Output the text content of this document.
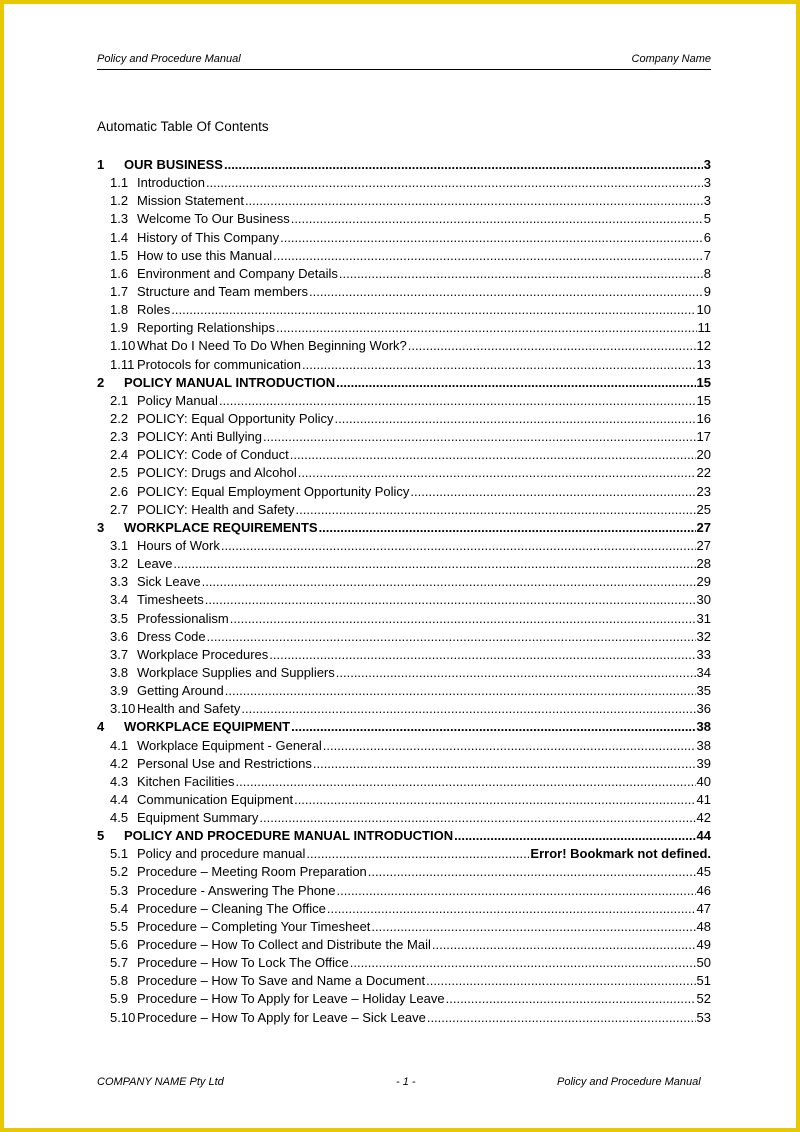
Policy and Procedure Manual	Company Name
Automatic Table Of Contents
1	OUR BUSINESS .....	3
1.1 Introduction .....	3
1.2 Mission Statement .....	3
1.3 Welcome To Our Business .....	5
1.4 History of This Company .....	6
1.5 How to use this Manual .....	7
1.6 Environment and Company Details .....	8
1.7 Structure and Team members .....	9
1.8 Roles .....	10
1.9 Reporting Relationships .....	11
1.10 What Do I Need To Do When Beginning Work? .....	12
1.11 Protocols for communication .....	13
2	POLICY MANUAL INTRODUCTION .....	15
2.1 Policy Manual .....	15
2.2 POLICY: Equal Opportunity Policy .....	16
2.3 POLICY: Anti Bullying .....	17
2.4 POLICY: Code of Conduct .....	20
2.5 POLICY: Drugs and Alcohol .....	22
2.6 POLICY: Equal Employment Opportunity Policy .....	23
2.7 POLICY: Health and Safety .....	25
3	WORKPLACE REQUIREMENTS .....	27
3.1 Hours of Work .....	27
3.2 Leave .....	28
3.3 Sick Leave .....	29
3.4 Timesheets .....	30
3.5 Professionalism .....	31
3.6 Dress Code .....	32
3.7 Workplace Procedures .....	33
3.8 Workplace Supplies and Suppliers .....	34
3.9 Getting Around .....	35
3.10 Health and Safety .....	36
4	WORKPLACE EQUIPMENT .....	38
4.1 Workplace Equipment - General .....	38
4.2 Personal Use and Restrictions .....	39
4.3 Kitchen Facilities .....	40
4.4 Communication Equipment .....	41
4.5 Equipment Summary .....	42
5	POLICY AND PROCEDURE MANUAL INTRODUCTION .....	44
5.1 Policy and procedure manual .....	Error! Bookmark not defined.
5.2 Procedure – Meeting Room Preparation .....	45
5.3 Procedure - Answering The Phone .....	46
5.4 Procedure – Cleaning The Office .....	47
5.5 Procedure – Completing Your Timesheet .....	48
5.6 Procedure – How To Collect and Distribute the Mail .....	49
5.7 Procedure – How To Lock The Office .....	50
5.8 Procedure – How To Save and Name a Document .....	51
5.9 Procedure – How To Apply for Leave – Holiday Leave .....	52
5.10 Procedure – How To Apply for Leave – Sick Leave .....	53
COMPANY NAME Pty Ltd	- 1 -	Policy and Procedure Manual
